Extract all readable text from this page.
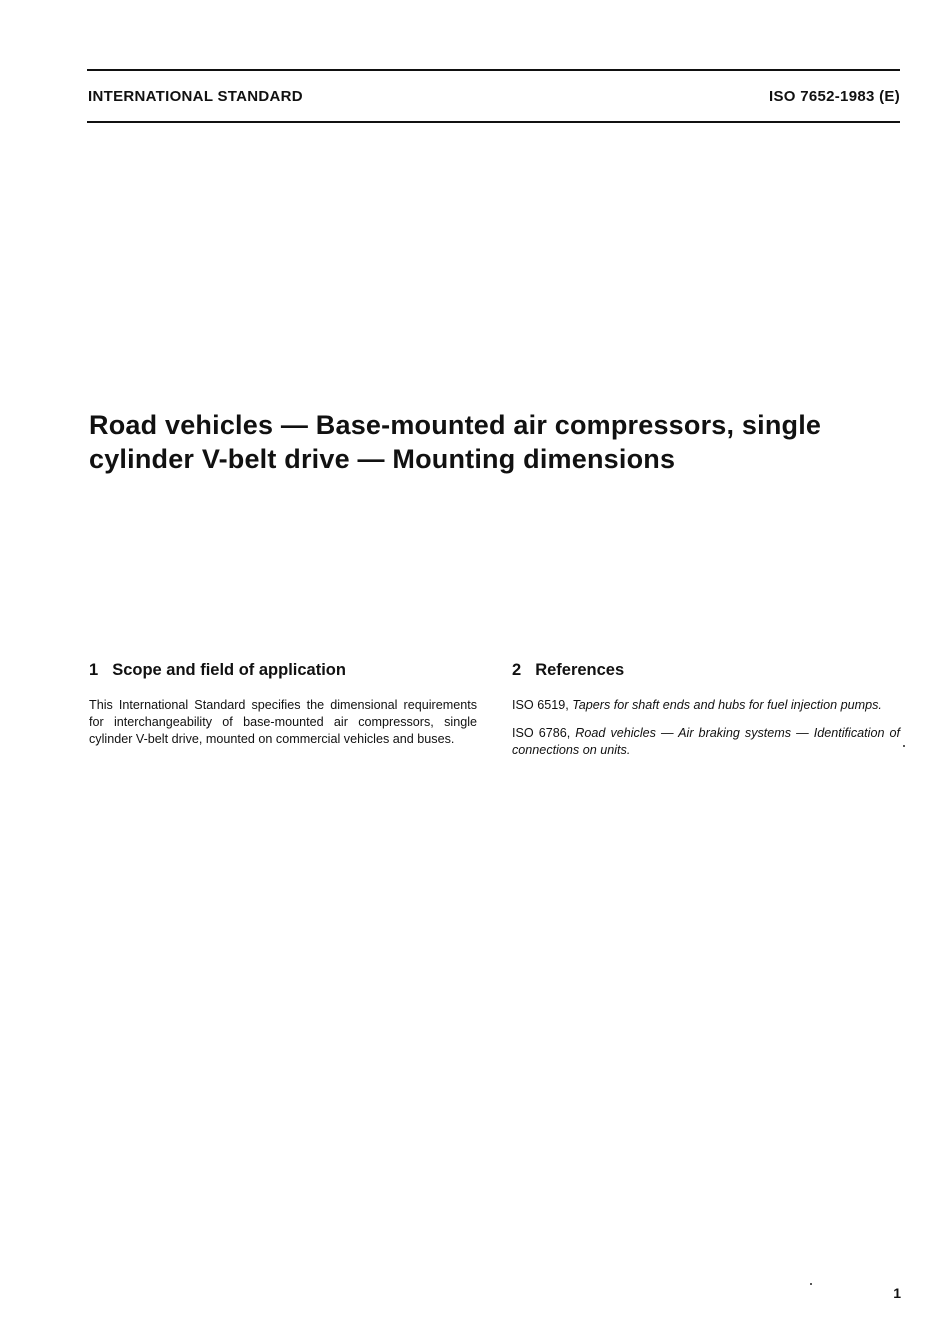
INTERNATIONAL STANDARD	ISO 7652-1983 (E)
Road vehicles — Base-mounted air compressors, single
cylinder V-belt drive — Mounting dimensions
1 Scope and field of application

This International Standard specifies the dimensional requirements for interchangeability of base-mounted air compressors, single cylinder V-belt drive, mounted on commercial vehicles and buses.

2 References

ISO 6519, Tapers for shaft ends and hubs for fuel injection pumps.

ISO 6786, Road vehicles — Air braking systems — Identification of connections on units.

1
